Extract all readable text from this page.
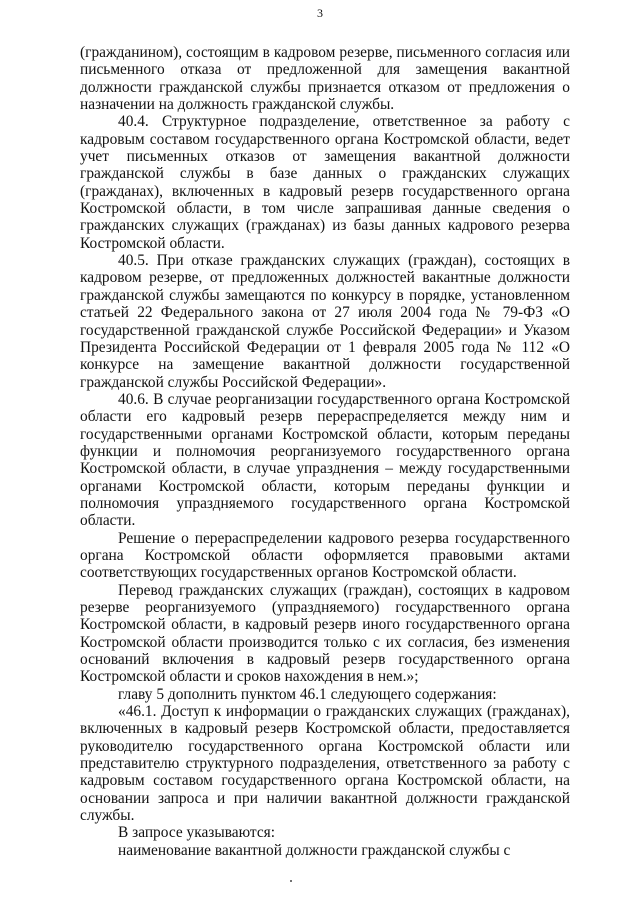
3

(гражданином), состоящим в кадровом резерве, письменного согласия или письменного отказа от предложенной для замещения вакантной должности гражданской службы признается отказом от предложения о назначении на должность гражданской службы.

40.4. Структурное подразделение, ответственное за работу с кадровым составом государственного органа Костромской области, ведет учет письменных отказов от замещения вакантной должности гражданской службы в базе данных о гражданских служащих (гражданах), включенных в кадровый резерв государственного органа Костромской области, в том числе запрашивая данные сведения о гражданских служащих (гражданах) из базы данных кадрового резерва Костромской области.

40.5. При отказе гражданских служащих (граждан), состоящих в кадровом резерве, от предложенных должностей вакантные должности гражданской службы замещаются по конкурсу в порядке, установленном статьей 22 Федерального закона от 27 июля 2004 года № 79-ФЗ «О государственной гражданской службе Российской Федерации» и Указом Президента Российской Федерации от 1 февраля 2005 года № 112 «О конкурсе на замещение вакантной должности государственной гражданской службы Российской Федерации».

40.6. В случае реорганизации государственного органа Костромской области его кадровый резерв перераспределяется между ним и государственными органами Костромской области, которым переданы функции и полномочия реорганизуемого государственного органа Костромской области, в случае упразднения – между государственными органами Костромской области, которым переданы функции и полномочия упраздняемого государственного органа Костромской области.

Решение о перераспределении кадрового резерва государственного органа Костромской области оформляется правовыми актами соответствующих государственных органов Костромской области.

Перевод гражданских служащих (граждан), состоящих в кадровом резерве реорганизуемого (упраздняемого) государственного органа Костромской области, в кадровый резерв иного государственного органа Костромской области производится только с их согласия, без изменения оснований включения в кадровый резерв государственного органа Костромской области и сроков нахождения в нем.»;

главу 5 дополнить пунктом 46.1 следующего содержания:

«46.1. Доступ к информации о гражданских служащих (гражданах), включенных в кадровый резерв Костромской области, предоставляется руководителю государственного органа Костромской области или представителю структурного подразделения, ответственного за работу с кадровым составом государственного органа Костромской области, на основании запроса и при наличии вакантной должности гражданской службы.

В запросе указываются:

наименование вакантной должности гражданской службы с
